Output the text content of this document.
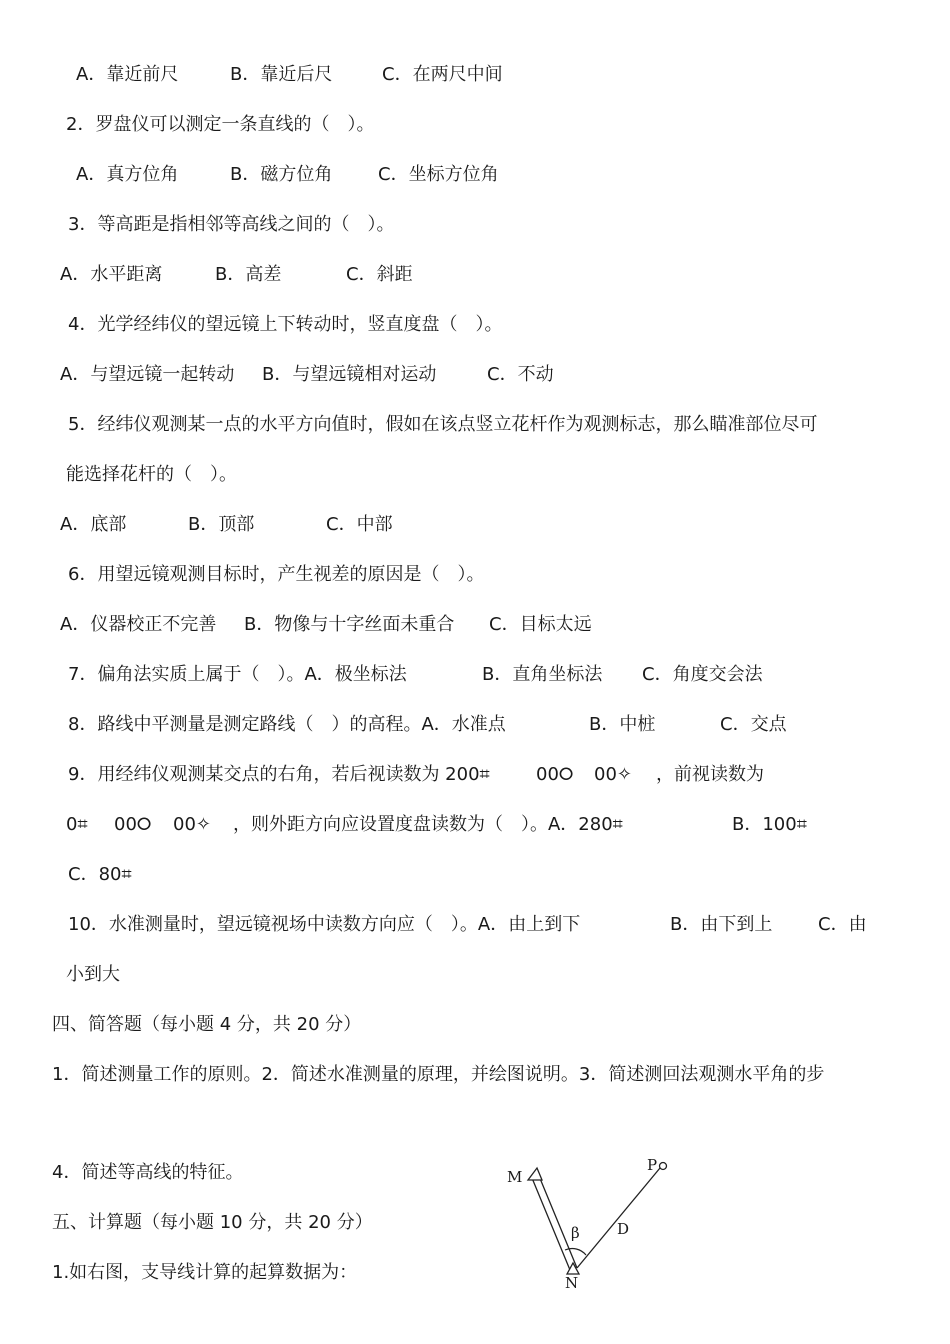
A．靠近前尺	B．靠近后尺	C．在两尺中间
2．罗盘仪可以测定一条直线的（　）。
A．真方位角	B．磁方位角	C．坐标方位角
3．等高距是指相邻等高线之间的（　）。
A．水平距离	B．高差	C．斜距
4．光学经纬仪的望远镜上下转动时，竖直度盘（　）。
A．与望远镜一起转动 B．与望远镜相对运动	C．不动
5．经纬仪观测某一点的水平方向值时，假如在该点竖立花杆作为观测标志，那么瞄准部位尽可
能选择花杆的（　）。
A．底部	B．顶部	C．中部
6．用望远镜观测目标时，产生视差的原因是（　）。
A．仪器校正不完善 B．物像与十字丝面未重合 C．目标太远
7．偏角法实质上属于（　）。A．极坐标法	B．直角坐标法 C．角度交会法
8．路线中平测量是测定路线（　）的高程。A．水准点	B．中桩	C．交点
9．用经纬仪观测某交点的右角，若后视读数为 200⌗	00⭘ 00✧ ，前视读数为
0⌗ 00⭘ 00✧ ，则外距方向应设置度盘读数为（　）。A．280⌗	B．100⌗
C．80⌗
10．水准测量时，望远镜视场中读数方向应（　）。A．由上到下	B．由下到上	C．由
小到大
四、简答题（每小题 4 分，共 20 分）
1．简述测量工作的原则。2．简述水准测量的原理，并绘图说明。3．简述测回法观测水平角的步
4．简述等高线的特征。
五、计算题（每小题 10 分，共 20 分）
1.如右图，支导线计算的起算数据为：
M
P
β D
N
